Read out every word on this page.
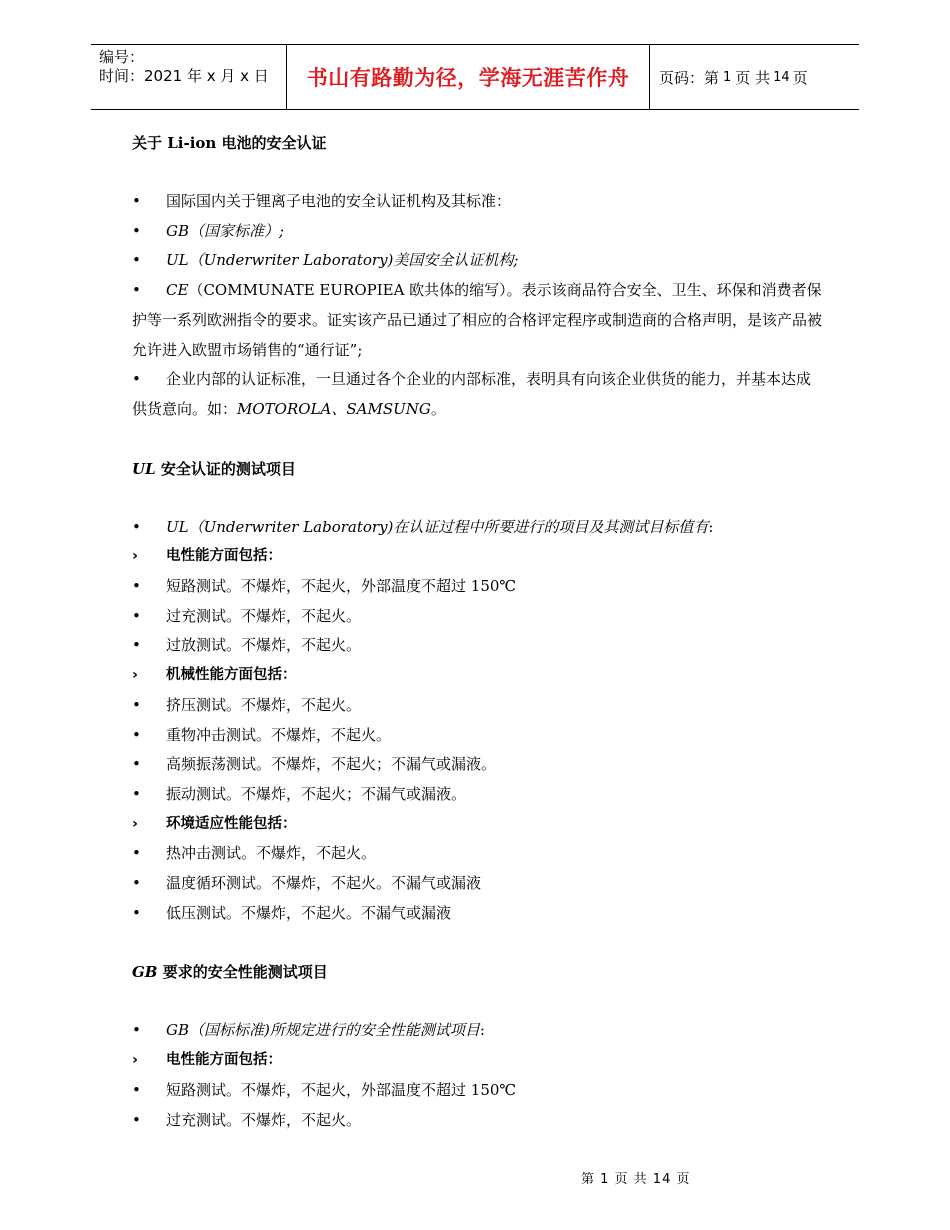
编号：
时间：2021 年 x 月 x 日	书山有路勤为径，学海无涯苦作舟 页码：第 1 页 共 14 页
关于 Li-ion 电池的安全认证
• 国际国内关于锂离子电池的安全认证机构及其标准：
• GB（国家标准）;
• UL（Underwriter Laboratory)美国安全认证机构;
• CE（COMMUNATE EUROPIEA 欧共体的缩写）。表示该商品符合安全、卫生、环保和消费者保护等一系列欧洲指令的要求。证实该产品已通过了相应的合格评定程序或制造商的合格声明，是该产品被允许进入欧盟市场销售的“通行证”;
• 企业内部的认证标准，一旦通过各个企业的内部标准，表明具有向该企业供货的能力，并基本达成供货意向。如：MOTOROLA、SAMSUNG。
UL 安全认证的测试项目
• UL（Underwriter Laboratory)在认证过程中所要进行的项目及其测试目标值有:
› 电性能方面包括：
• 短路测试。不爆炸，不起火，外部温度不超过 150℃
• 过充测试。不爆炸，不起火。
• 过放测试。不爆炸，不起火。
› 机械性能方面包括：
• 挤压测试。不爆炸，不起火。
• 重物冲击测试。不爆炸，不起火。
• 高频振荡测试。不爆炸，不起火；不漏气或漏液。
• 振动测试。不爆炸，不起火；不漏气或漏液。
› 环境适应性能包括：
• 热冲击测试。不爆炸，不起火。
• 温度循环测试。不爆炸，不起火。不漏气或漏液
• 低压测试。不爆炸，不起火。不漏气或漏液
GB 要求的安全性能测试项目
• GB（国标标准)所规定进行的安全性能测试项目:
› 电性能方面包括：
• 短路测试。不爆炸，不起火，外部温度不超过 150℃
• 过充测试。不爆炸，不起火。
第 1 页 共 14 页
